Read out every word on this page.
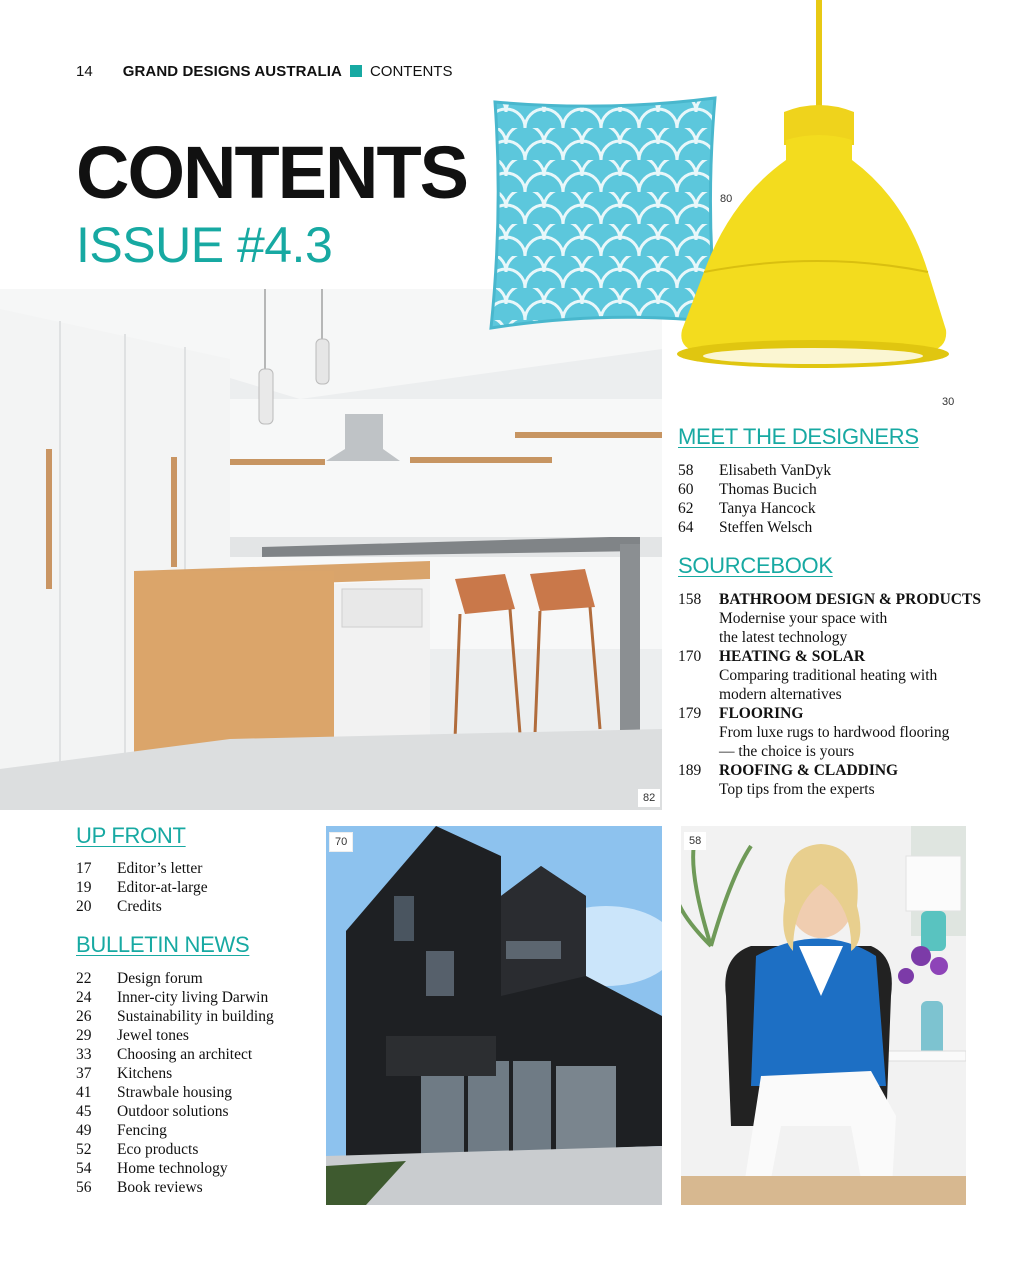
14 GRAND DESIGNS AUSTRALIA CONTENTS
CONTENTS
ISSUE #4.3
82
80
30
MEET THE DESIGNERS
58	Elisabeth VanDyk
60	Thomas Bucich
62	Tanya Hancock
64	Steffen Welsch
SOURCEBOOK
158	BATHROOM DESIGN & PRODUCTS
Modernise your space with
the latest technology
170	HEATING & SOLAR
Comparing traditional heating with
modern alternatives
179	FLOORING
From luxe rugs to hardwood flooring
— the choice is yours
189	ROOFING & CLADDING
Top tips from the experts
UP FRONT
17	Editor’s letter
19	Editor-at-large
20	Credits
BULLETIN NEWS
22	Design forum
24	Inner-city living Darwin
26	Sustainability in building
29	Jewel tones
33	Choosing an architect
37	Kitchens
41	Strawbale housing
45	Outdoor solutions
49	Fencing
52	Eco products
54	Home technology
56	Book reviews
70	58
